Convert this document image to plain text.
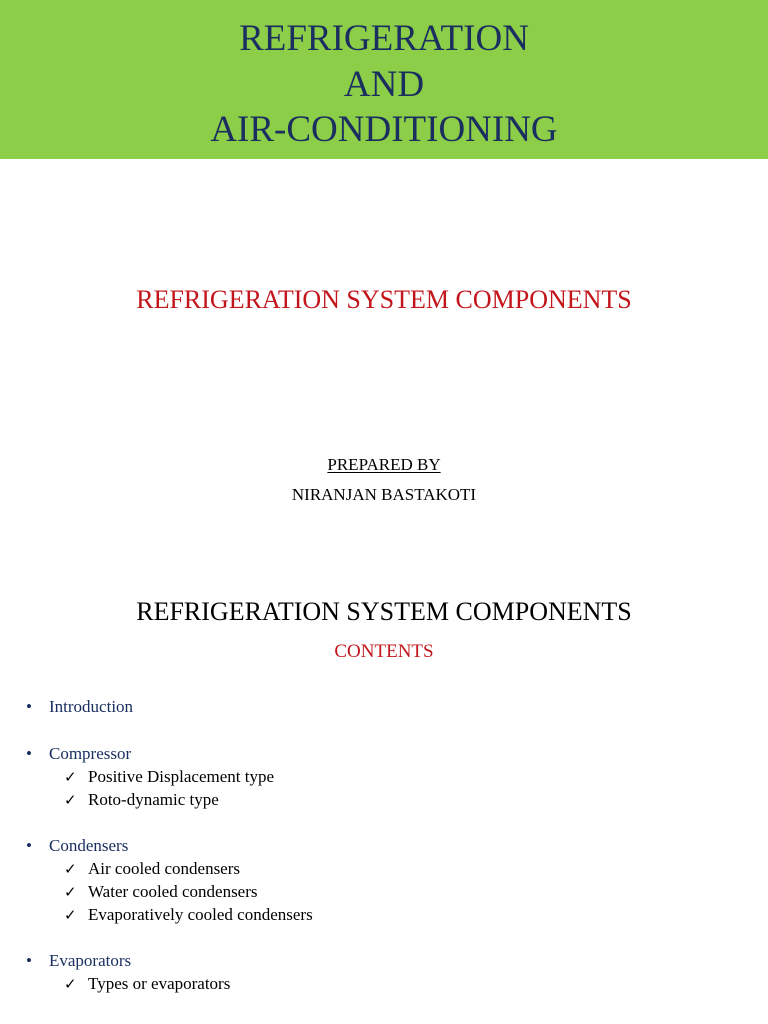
REFRIGERATION
AND
AIR-CONDITIONING
REFRIGERATION SYSTEM COMPONENTS
PREPARED BY
NIRANJAN BASTAKOTI
REFRIGERATION SYSTEM COMPONENTS
CONTENTS
• Introduction
• Compressor
✓ Positive Displacement type
✓ Roto-dynamic type
• Condensers
✓ Air cooled condensers
✓ Water cooled condensers
✓ Evaporatively cooled condensers
• Evaporators
✓ Types or evaporators
